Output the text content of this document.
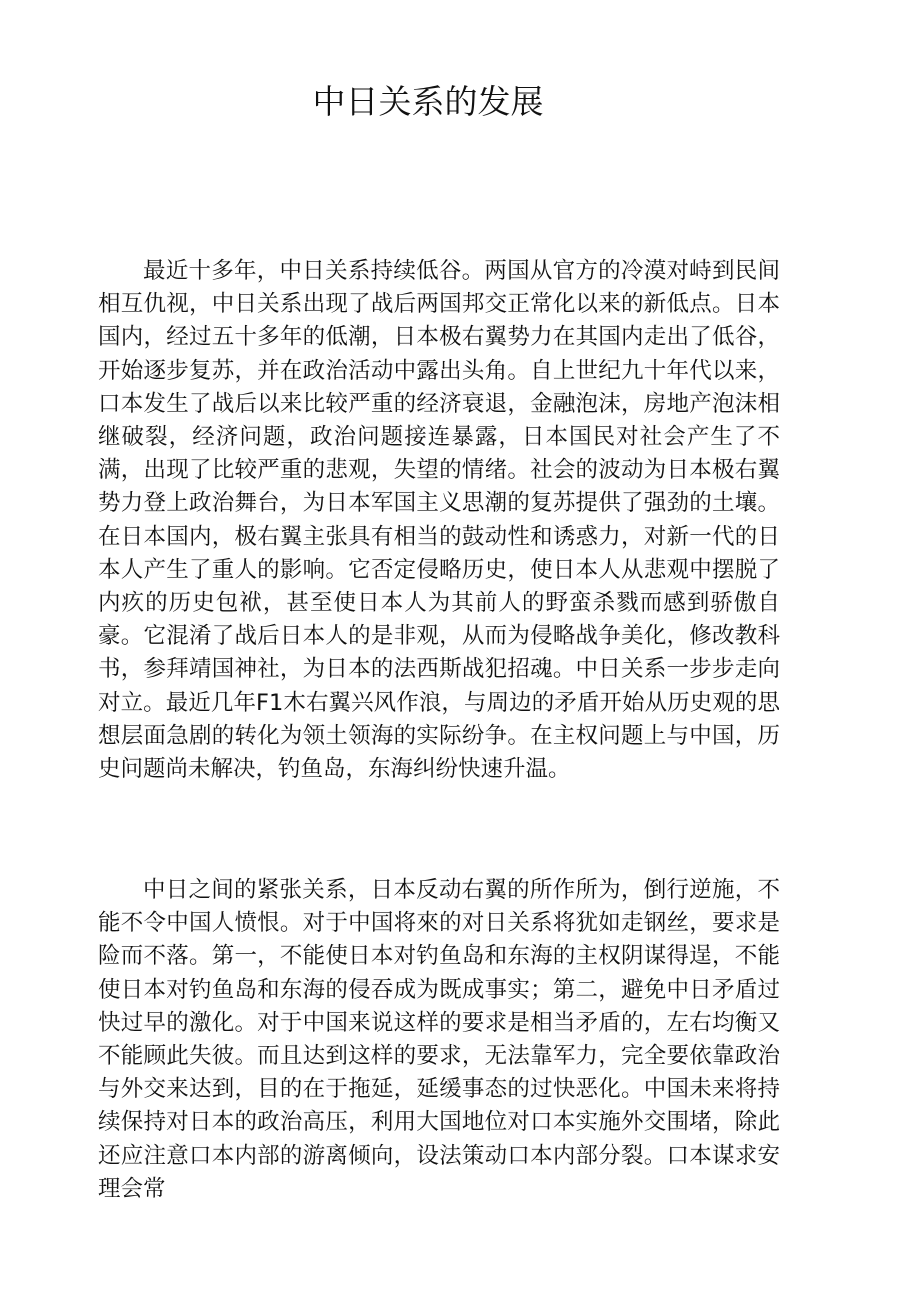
中日关系的发展

最近十多年，中日关系持续低谷。两国从官方的冷漠对峙到民间相互仇视，中日关系出现了战后两国邦交正常化以来的新低点。日本国内，经过五十多年的低潮，日本极右翼势力在其国内走出了低谷，开始逐步复苏，并在政治活动中露出头角。自上世纪九十年代以来，口本发生了战后以来比较严重的经济衰退，金融泡沫，房地产泡沫相继破裂，经济问题，政治问题接连暴露，日本国民对社会产生了不满，出现了比较严重的悲观，失望的情绪。社会的波动为日本极右翼势力登上政治舞台，为日本军国主义思潮的复苏提供了强劲的土壤。在日本国内，极右翼主张具有相当的鼓动性和诱惑力，对新一代的日本人产生了重人的影响。它否定侵略历史，使日本人从悲观中摆脱了内疚的历史包袱，甚至使日本人为其前人的野蛮杀戮而感到骄傲自豪。它混淆了战后日本人的是非观，从而为侵略战争美化，修改教科书，参拜靖国神社，为日本的法西斯战犯招魂。中日关系一步步走向对立。最近几年F1木右翼兴风作浪，与周边的矛盾开始从历史观的思想层面急剧的转化为领土领海的实际纷争。在主权问题上与中国，历史问题尚未解决，钓鱼岛，东海纠纷快速升温。

中日之间的紧张关系，日本反动右翼的所作所为，倒行逆施，不能不令中国人愤恨。对于中国将來的对日关系将犹如走钢丝，要求是险而不落。第一，不能使日本对钓鱼岛和东海的主权阴谋得逞，不能使日本对钓鱼岛和东海的侵吞成为既成事实；第二，避免中日矛盾过快过早的激化。对于中国来说这样的要求是相当矛盾的，左右均衡又不能顾此失彼。而且达到这样的要求，无法靠军力，完全要依靠政治与外交来达到，目的在于拖延，延缓事态的过快恶化。中国未来将持续保持对日本的政治高压，利用大国地位对口本实施外交围堵，除此还应注意口本内部的游离倾向，设法策动口本内部分裂。口本谋求安理会常
